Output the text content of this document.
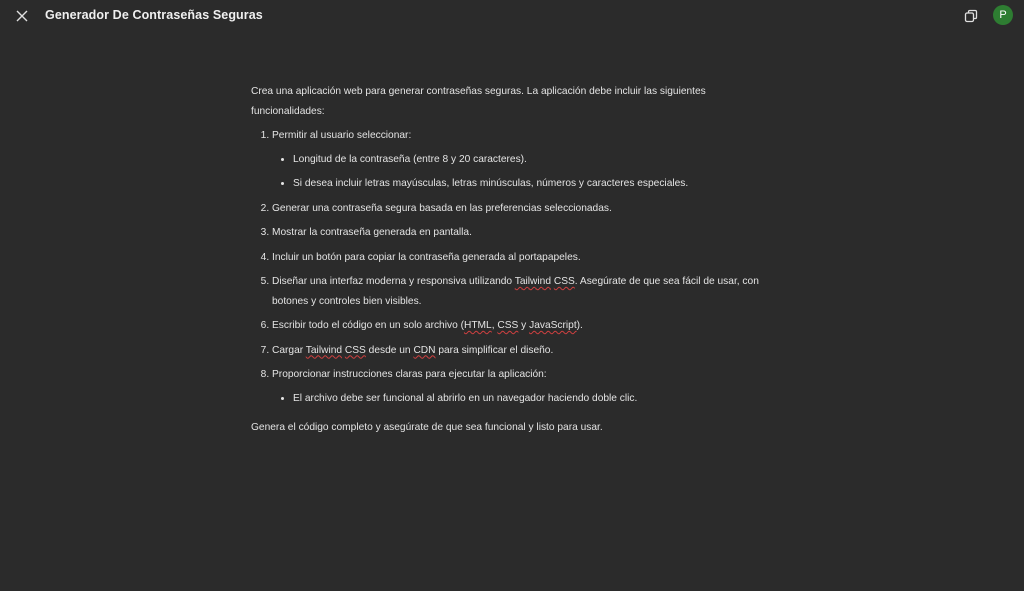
Generador De Contraseñas Seguras	P

Crea una aplicación web para generar contraseñas seguras. La aplicación debe incluir las siguientes funcionalidades:

1. Permitir al usuario seleccionar:
• Longitud de la contraseña (entre 8 y 20 caracteres).
• Si desea incluir letras mayúsculas, letras minúsculas, números y caracteres especiales.
2. Generar una contraseña segura basada en las preferencias seleccionadas.
3. Mostrar la contraseña generada en pantalla.
4. Incluir un botón para copiar la contraseña generada al portapapeles.
5. Diseñar una interfaz moderna y responsiva utilizando Tailwind CSS. Asegúrate de que sea fácil de usar, con botones y controles bien visibles.
6. Escribir todo el código en un solo archivo (HTML, CSS y JavaScript).
7. Cargar Tailwind CSS desde un CDN para simplificar el diseño.
8. Proporcionar instrucciones claras para ejecutar la aplicación:
• El archivo debe ser funcional al abrirlo en un navegador haciendo doble clic.

Genera el código completo y asegúrate de que sea funcional y listo para usar.
